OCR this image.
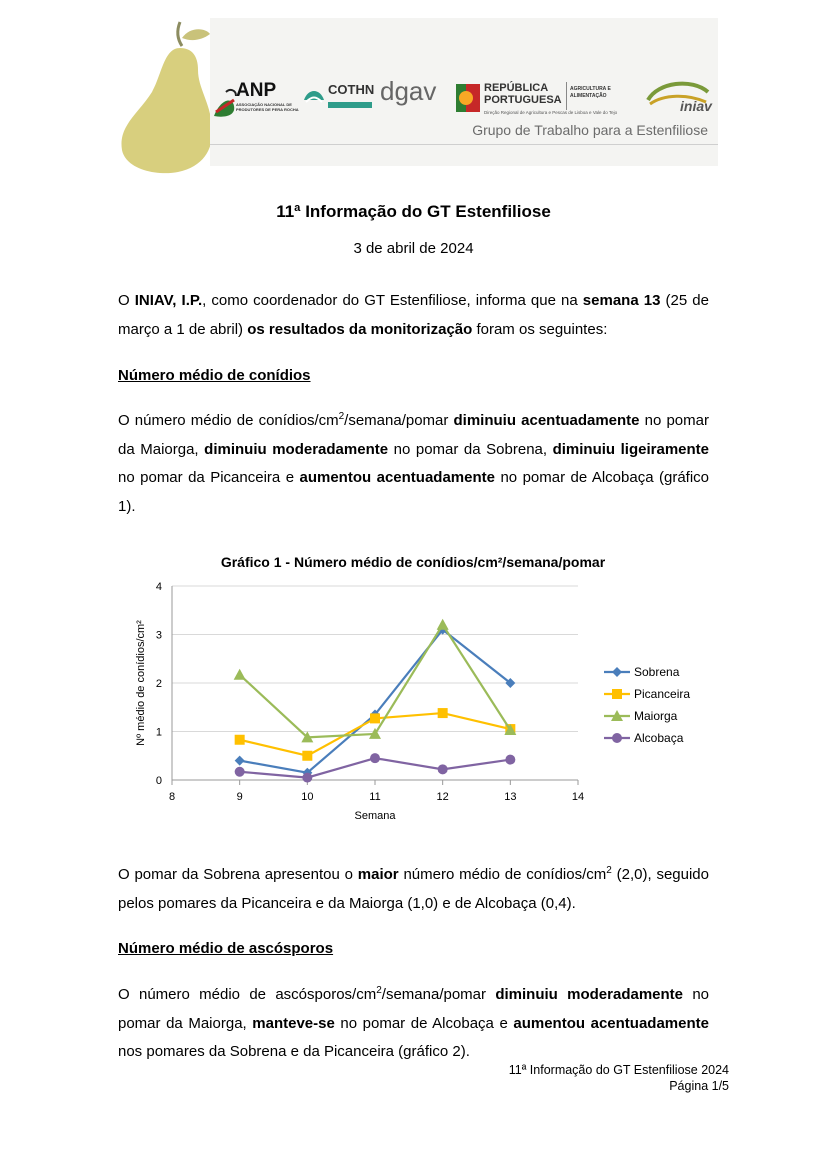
ANP
ASSOCIAÇÃO NACIONAL DE PRODUTORES DE PERA ROCHA
COTHN dgav	REPÚBLICA PORTUGUESA
AGRICULTURA E ALIMENTAÇÃO
Direção Regional de Agricultura e Pescas de Lisboa e Vale do Tejo	iniav
Grupo de Trabalho para a Estenfiliose
11ª Informação do GT Estenfiliose
3 de abril de 2024
O INIAV, I.P., como coordenador do GT Estenfiliose, informa que na semana 13 (25 de março a 1 de abril) os resultados da monitorização foram os seguintes:
Número médio de conídios
O número médio de conídios/$cm^2/semana$/pomar diminuiu acentuadamente no pomar da Maiorga, diminuiu moderadamente no pomar da Sobrena, diminuiu ligeiramente no pomar da Picanceira e aumentou acentuadamente no pomar de Alcobaça (gráfico 1).
Gráfico 1 - Número médio de conídios/cm²/semana/pomar
0
1
2
3
4
8	9	10	11	12	13	14
Semana
Nº médio de conídios/cm²	Sobrena
Picanceira
Maiorga
Alcobaça
O pomar da Sobrena apresentou o maior número médio de conídios/$cm^2$ (2,0), seguido pelos pomares da Picanceira e da Maiorga (1,0) e de Alcobaça (0,4).
Número médio de ascósporos
O número médio de ascósporos/$cm^2/semana$/pomar diminuiu moderadamente no pomar da Maiorga, manteve-se no pomar de Alcobaça e aumentou acentuadamente nos pomares da Sobrena e da Picanceira (gráfico 2).
11ª Informação do GT Estenfiliose 2024
Página 1/5
